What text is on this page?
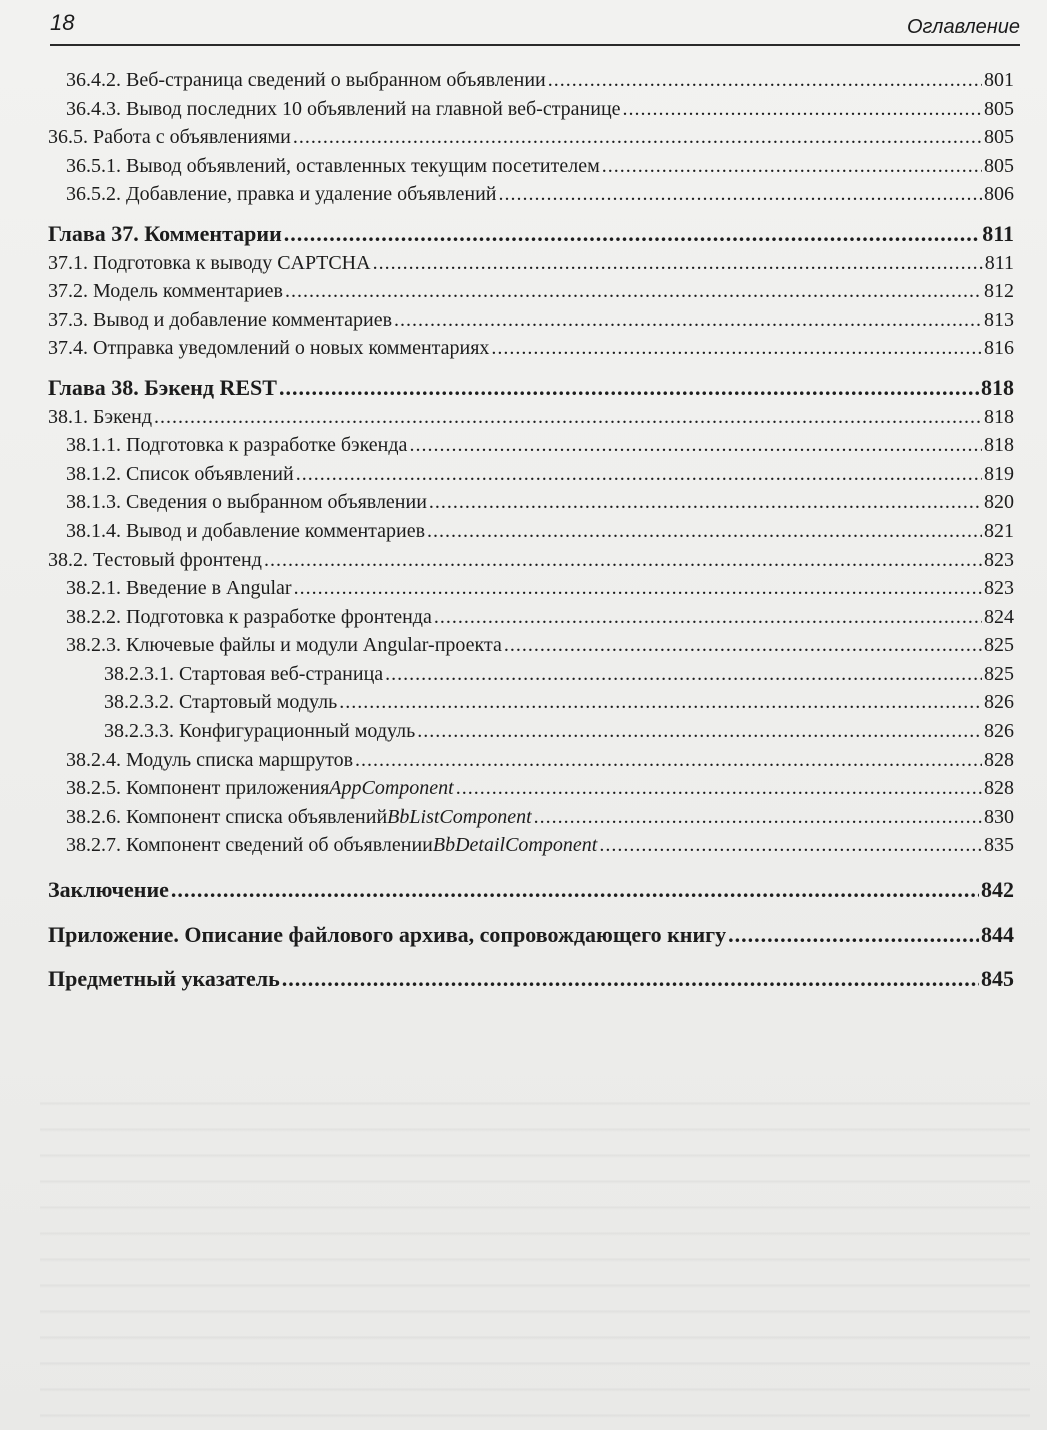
18	Оглавление
36.4.2. Веб-страница сведений о выбранном объявлении .....	801
36.4.3. Вывод последних 10 объявлений на главной веб-странице .....	805
36.5. Работа с объявлениями .....	805
36.5.1. Вывод объявлений, оставленных текущим посетителем .....	805
36.5.2. Добавление, правка и удаление объявлений .....	806
Глава 37. Комментарии .....	811
37.1. Подготовка к выводу CAPTCHA .....	811
37.2. Модель комментариев .....	812
37.3. Вывод и добавление комментариев .....	813
37.4. Отправка уведомлений о новых комментариях .....	816
Глава 38. Бэкенд REST .....	818
38.1. Бэкенд .....	818
38.1.1. Подготовка к разработке бэкенда .....	818
38.1.2. Список объявлений .....	819
38.1.3. Сведения о выбранном объявлении .....	820
38.1.4. Вывод и добавление комментариев .....	821
38.2. Тестовый фронтенд .....	823
38.2.1. Введение в Angular .....	823
38.2.2. Подготовка к разработке фронтенда .....	824
38.2.3. Ключевые файлы и модули Angular-проекта .....	825
38.2.3.1. Стартовая веб-страница .....	825
38.2.3.2. Стартовый модуль .....	826
38.2.3.3. Конфигурационный модуль .....	826
38.2.4. Модуль списка маршрутов .....	828
38.2.5. Компонент приложения AppComponent .....	828
38.2.6. Компонент списка объявлений BbListComponent .....	830
38.2.7. Компонент сведений об объявлении BbDetailComponent .....	835
Заключение .....	842
Приложение. Описание файлового архива, сопровождающего книгу .....	844
Предметный указатель .....	845
